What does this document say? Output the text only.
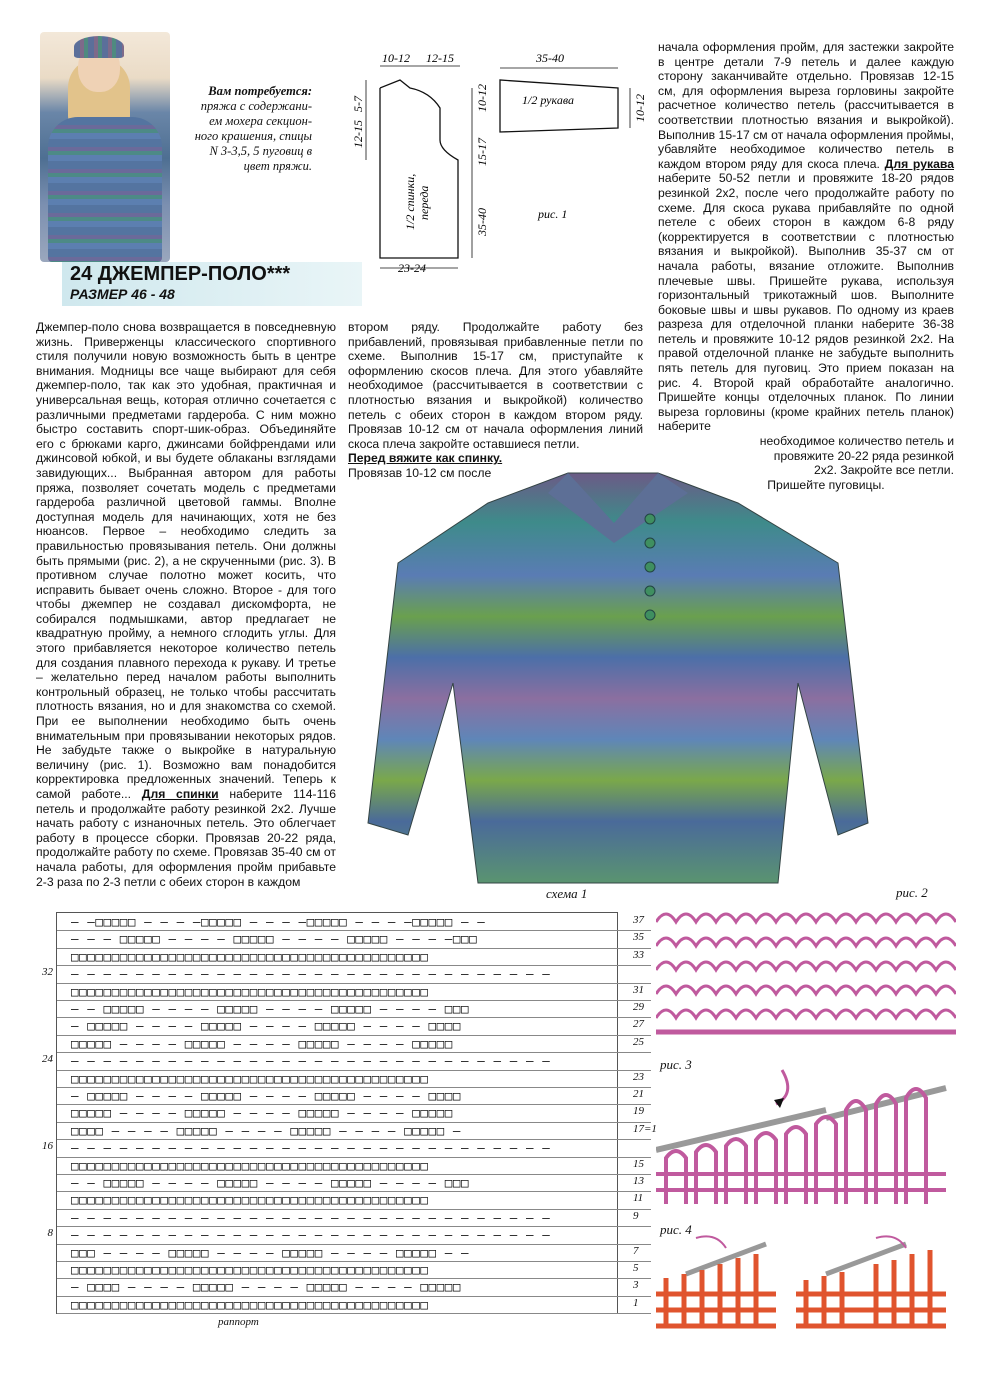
Вам потребуется:
пряжа с содержани-
ем мохера секцион-
ного крашения, спицы
N 3-3,5, 5 пуговиц в
цвет пряжи.
24 ДЖЕМПЕР-ПОЛО***
РАЗМЕР 46 - 48
10-12 12-15
5-7
12-15
10-12
15-17
35-40
23-24
1/2 спинки, переда
35-40
10-12
1/2 рукава
рис. 1

Джемпер-поло снова возвращается в повседневную жизнь. Приверженцы классического спортивного стиля получили новую возможность быть в центре внимания. Модницы все чаще выбирают для себя джемпер-поло, так как это удобная, практичная и универсальная вещь, которая отлично сочетается с различными предметами гардероба. С ним можно быстро составить спорт-шик-образ. Объединяйте его с брюками карго, джинсами бойфрендами или джинсовой юбкой, и вы будете облаканы взглядами завидующих... Выбранная автором для работы пряжа, позволяет сочетать модель с предметами гардероба различной цветовой гаммы. Вполне доступная модель для начинающих, хотя не без нюансов. Первое – необходимо следить за правильностью провязывания петель. Они должны быть прямыми (рис. 2), а не скрученными (рис. 3). В противном случае полотно может косить, что исправить бывает очень сложно. Второе - для того чтобы джемпер не создавал дискомфорта, не собирался подмышками, автор предлагает не квадратную пройму, а немного сглодить углы. Для этого прибавляется некоторое количество петель для создания плавного перехода к рукаву. И третье – желательно перед началом работы выполнить контрольный образец, не только чтобы рассчитать плотность вязания, но и для знакомства со схемой. При ее выполнении необходимо быть очень внимательным при провязывании некоторых рядов. Не забудьте также о выкройке в натуральную величину (рис. 1). Возможно вам понадобится корректировка предложенных значений. Теперь к самой работе... Для спинки наберите 114-116 петель и продолжайте работу резинкой 2х2. Лучше начать работу с изнаночных петель. Это облегчает работу в процессе сборки. Провязав 20-22 ряда, продолжайте работу по схеме. Провязав 35-40 см от начала работы, для оформления пройм прибавьте 2-3 раза по 2-3 петли с обеих сторон в каждом

втором ряду. Продолжайте работу без прибавлений, провязывая прибавленные петли по схеме. Выполнив 15-17 см, приступайте к оформлению скосов плеча. Для этого убавляйте необходимое (рассчитывается в соответствии с плотностью вязания и выкройкой) количество петель с обеих сторон в каждом втором ряду. Провязав 10-12 см от начала оформления линий скоса плеча закройте оставшиеся петли.

Перед вяжите как спинку.

Провязав 10-12 см после

начала оформления пройм, для застежки закройте в центре детали 7-9 петель и далее каждую сторону заканчивайте отдельно. Провязав 12-15 см, для оформления выреза горловины закройте расчетное количество петель (рассчитывается в соответствии плотностью вязания и выкройкой). Выполнив 15-17 см от начала оформления проймы, убавляйте необходимое количество петель в каждом втором ряду для скоса плеча. Для рукава наберите 50-52 петли и провяжите 18-20 рядов резинкой 2х2, после чего продолжайте работу по схеме. Для скоса рукава прибавляйте по одной петеле с обеих сторон в каждом 6-8 ряду (корректируется в соответствии с плотностью вязания и выкройкой). Выполнив 35-37 см от начала работы, вязание отложите. Выполнив плечевые швы. Пришейте рукава, используя горизонтальный трикотажный шов. Выполните боковые швы и швы рукавов. По одному из краев разреза для отделочной планки наберите 36-38 петель и провяжите 10-12 рядов резинкой 2х2. На правой отделочной планке не забудьте выполнить пять петель для пуговиц. Это прием показан на рис. 4. Второй край обработайте аналогично. Пришейте концы отделочных планок. По линии выреза горловины (кроме крайних петель планок) наберите

необходимое количество петель и

провяжите 20-22 ряда резинкой

2х2. Закройте все петли.

Пришейте пуговицы.

схема 1	рис. 2
рис. 3
рис. 4
– –□□□□□ – – – –□□□□□ – – – –□□□□□ – – – –□□□□□ – –	37
– – – □□□□□ – – – – □□□□□ – – – – □□□□□ – – – –□□□	35
□□□□□□□□□□□□□□□□□□□□□□□□□□□□□□□□□□□□□□□□□□□□	33
32 – – – – – – – – – – – – – – – – – – – – – – – – – – – – – –
□□□□□□□□□□□□□□□□□□□□□□□□□□□□□□□□□□□□□□□□□□□□	31
– – □□□□□ – – – – □□□□□ – – – – □□□□□ – – – – □□□	29
– □□□□□ – – – – □□□□□ – – – – □□□□□ – – – – □□□□	27
□□□□□ – – – – □□□□□ – – – – □□□□□ – – – – □□□□□	25
24 – – – – – – – – – – – – – – – – – – – – – – – – – – – – – –
□□□□□□□□□□□□□□□□□□□□□□□□□□□□□□□□□□□□□□□□□□□□	23
– □□□□□ – – – – □□□□□ – – – – □□□□□ – – – – □□□□	21
□□□□□ – – – – □□□□□ – – – – □□□□□ – – – – □□□□□	19
□□□□ – – – – □□□□□ – – – – □□□□□ – – – – □□□□□ –	17=1
16 – – – – – – – – – – – – – – – – – – – – – – – – – – – – – –
□□□□□□□□□□□□□□□□□□□□□□□□□□□□□□□□□□□□□□□□□□□□	15
– – □□□□□ – – – – □□□□□ – – – – □□□□□ – – – – □□□	13
□□□□□□□□□□□□□□□□□□□□□□□□□□□□□□□□□□□□□□□□□□□□	11
– – – – – – – – – – – – – – – – – – – – – – – – – – – – – –	9
8 – – – – – – – – – – – – – – – – – – – – – – – – – – – – – –
□□□ – – – – □□□□□ – – – – □□□□□ – – – – □□□□□ – –	7
□□□□□□□□□□□□□□□□□□□□□□□□□□□□□□□□□□□□□□□□□□□□	5
– □□□□ – – – – □□□□□ – – – – □□□□□ – – – – □□□□□	3
□□□□□□□□□□□□□□□□□□□□□□□□□□□□□□□□□□□□□□□□□□□□	1
раппорт
